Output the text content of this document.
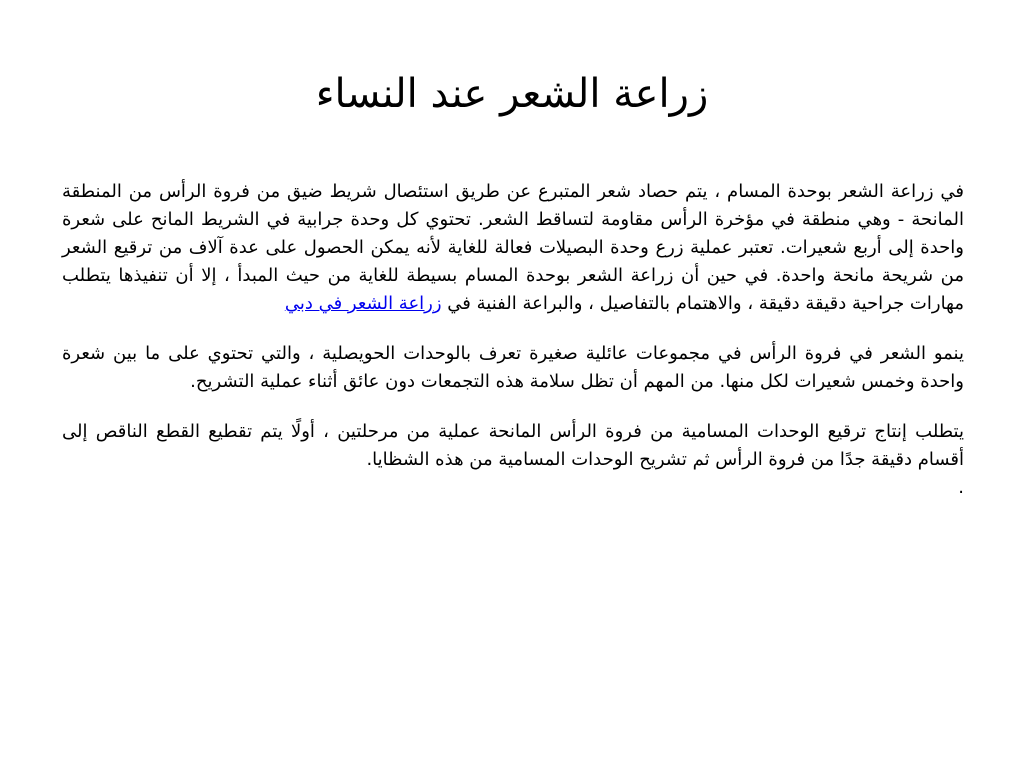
زراعة الشعر عند النساء

في زراعة الشعر بوحدة المسام ، يتم حصاد شعر المتبرع عن طريق استئصال شريط ضيق من فروة الرأس من المنطقة المانحة - وهي منطقة في مؤخرة الرأس مقاومة لتساقط الشعر. تحتوي كل وحدة جرابية في الشريط المانح على شعرة واحدة إلى أربع شعيرات. تعتبر عملية زرع وحدة البصيلات فعالة للغاية لأنه يمكن الحصول على عدة آلاف من ترقيع الشعر من شريحة مانحة واحدة. في حين أن زراعة الشعر بوحدة المسام بسيطة للغاية من حيث المبدأ ، إلا أن تنفيذها يتطلب مهارات جراحية دقيقة دقيقة ، والاهتمام بالتفاصيل ، والبراعة الفنية في زراعة الشعر في دبي

ينمو الشعر في فروة الرأس في مجموعات عائلية صغيرة تعرف بالوحدات الحويصلية ، والتي تحتوي على ما بين شعرة واحدة وخمس شعيرات لكل منها. من المهم أن تظل سلامة هذه التجمعات دون عائق أثناء عملية التشريح.

يتطلب إنتاج ترقيع الوحدات المسامية من فروة الرأس المانحة عملية من مرحلتين ، أولًا يتم تقطيع القطع الناقص إلى أقسام دقيقة جدًا من فروة الرأس ثم تشريح الوحدات المسامية من هذه الشظايا.

.
